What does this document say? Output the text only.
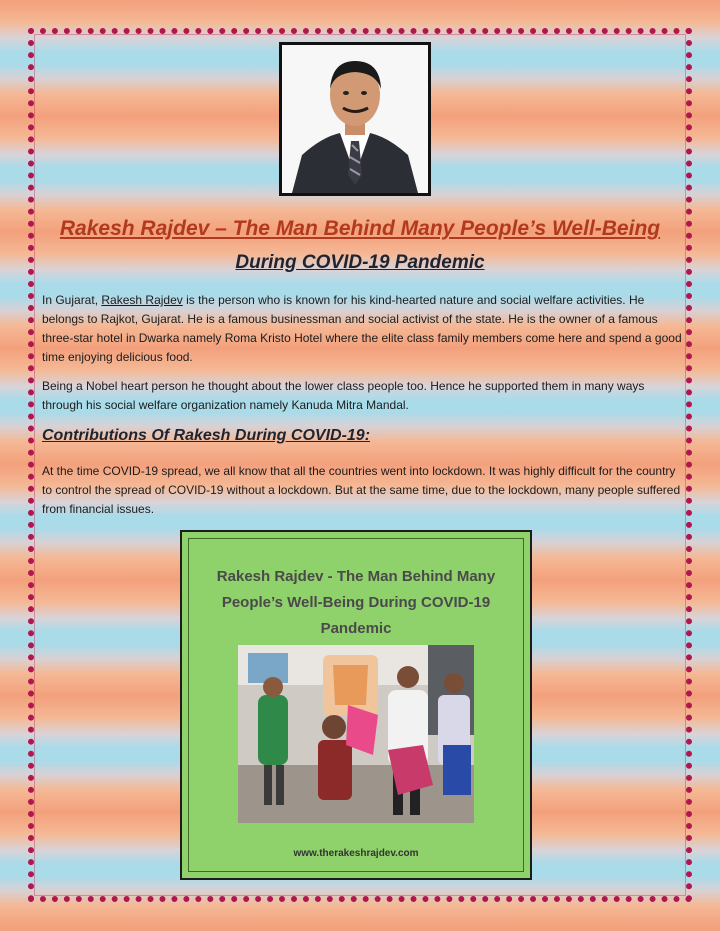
Rakesh Rajdev – The Man Behind Many People’s Well-Being
During COVID-19 Pandemic
In Gujarat, Rakesh Rajdev is the person who is known for his kind-hearted nature and social welfare activities. He belongs to Rajkot, Gujarat. He is a famous businessman and social activist of the state. He is the owner of a famous three-star hotel in Dwarka namely Roma Kristo Hotel where the elite class family members come here and spend a good time enjoying delicious food.
Being a Nobel heart person he thought about the lower class people too. Hence he supported them in many ways through his social welfare organization namely Kanuda Mitra Mandal.
Contributions Of Rakesh During COVID-19:
At the time COVID-19 spread, we all know that all the countries went into lockdown. It was highly difficult for the country to control the spread of COVID-19 without a lockdown. But at the same time, due to the lockdown, many people suffered from financial issues.
Rakesh Rajdev - The Man Behind Many
People’s Well-Being During COVID-19
Pandemic
www.therakeshrajdev.com
